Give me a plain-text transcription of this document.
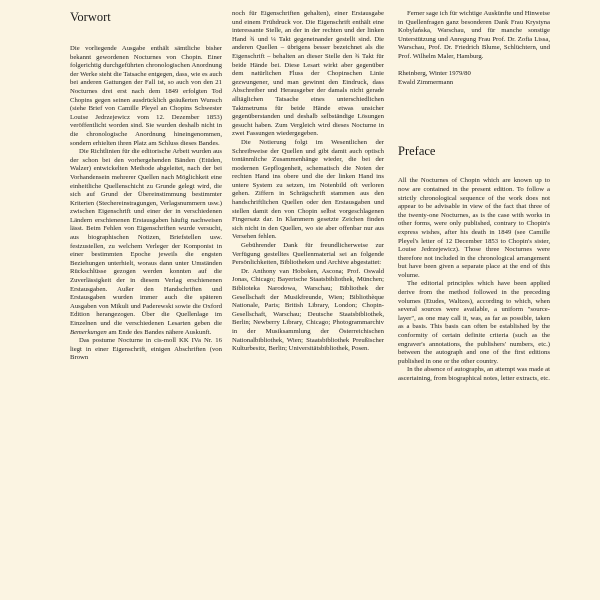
Vorwort

Die vorliegende Ausgabe enthält sämtliche bisher bekannt gewordenen Nocturnes von Chopin. Einer folgerichtig durchgeführten chronologischen Anordnung der Werke steht die Tatsache entgegen, dass, wie es auch bei anderen Gattungen der Fall ist, so auch von den 21 Nocturnes drei erst nach dem 1849 erfolgten Tod Chopins gegen seinen ausdrücklich geäußerten Wunsch (siehe Brief von Camille Pleyel an Chopins Schwester Louise Jedrzejewicz vom 12. Dezember 1853) veröffentlicht worden sind. Sie wurden deshalb nicht in die chronologische Anordnung hineingenommen, sondern erhielten ihren Platz am Schluss dieses Bandes.

Die Richtlinien für die editorische Arbeit wurden aus der schon bei den vorhergehenden Bänden (Etüden, Walzer) entwickelten Methode abgeleitet, nach der bei Vorhandensein mehrerer Quellen nach Möglichkeit eine einheitliche Quellenschicht zu Grunde gelegt wird, die sich auf Grund der Übereinstimmung bestimmter Kriterien (Stechereinstragungen, Verlagsnummern usw.) zwischen Eigenschrift und einer der in verschiedenen Ländern erschienenen Erstausgaben häufig nachweisen lässt. Beim Fehlen von Eigenschriften wurde versucht, aus biographischen Notizen, Briefstellen usw. festzustellen, zu welchem Verleger der Komponist in einer bestimmten Epoche jeweils die engsten Beziehungen unterhielt, woraus dann unter Umständen Rückschlüsse gezogen werden konnten auf die Zuverlässigkeit der in diesem Verlag erschienenen Erstausgaben. Außer den Handschriften und Erstausgaben wurden immer auch die späteren Ausgaben von Mikuli und Paderewski sowie die Oxford Edition herangezogen. Über die Quellenlage im Einzelnen und die verschiedenen Lesarten geben die Bemerkungen am Ende des Bandes nähere Auskunft.

Das postume Nocturne in cis-moll KK IVa Nr. 16 liegt in einer Eigenschrift, einigen Abschriften (von Brown

noch für Eigenschriften gehalten), einer Erstausgabe und einem Frühdruck vor. Die Eigenschrift enthält eine interessante Stelle, an der in der rechten und der linken Hand ¾ und ¼ Takt gegeneinander gestellt sind. Die anderen Quellen – übrigens besser bezeichnet als die Eigenschrift – behalten an dieser Stelle den ¾ Takt für beide Hände bei. Diese Lesart wirkt aber gegenüber dem natürlichen Fluss der Chopinschen Linie gezwungener, und man gewinnt den Eindruck, dass Abschreiber und Herausgeber der damals nicht gerade alltäglichen Tatsache eines unterschiedlichen Taktmetrums für beide Hände etwas unsicher gegenüberstanden und deshalb selbständige Lösungen gesucht haben. Zum Vergleich wird dieses Nocturne in zwei Fassungen wiedergegeben.

Die Notierung folgt im Wesentlichen der Schreibweise der Quellen und gibt damit auch optisch tontänmliche Zusammenhänge wieder, die bei der modernen Gepflogenheit, schematisch die Noten der rechten Hand ins obere und die der linken Hand ins untere System zu setzen, im Notenbild oft verloren gehen. Ziffern in Schrägschrift stammen aus den handschriftlichen Quellen oder den Erstausgaben und stellen damit den von Chopin selbst vorgeschlagenen Fingersatz dar. In Klammern gesetzte Zeichen finden sich nicht in den Quellen, wo sie aber offenbar nur aus Versehen fehlen.

Gebührender Dank für freundlicherweise zur Verfügung gestelltes Quellenmaterial sei an folgende Persönlichkeiten, Bibliotheken und Archive abgestattet:

Dr. Anthony van Hoboken, Ascona; Prof. Oswald Jonas, Chicago; Bayerische Staatsbibliothek, München; Biblioteka Narodowa, Warschau; Bibliothek der Gesellschaft der Musikfreunde, Wien; Bibliothèque Nationale, Paris; British Library, London; Chopin-Gesellschaft, Warschau; Deutsche Staatsbibliothek, Berlin; Newberry Library, Chicago; Photogrammarchiv in der Musiksammlung der Österreichischen Nationalbibliothek, Wien; Staatsbibliothek Preußischer Kulturbesitz, Berlin; Universitätsbibliothek, Posen.

Ferner sage ich für wichtige Auskünfte und Hinweise in Quellenfragen ganz besonderen Dank Frau Krystyna Kobylańska, Warschau, und für manche sonstige Unterstützung und Anregung Frau Prof. Dr. Zofia Lissa, Warschau, Prof. Dr. Friedrich Blume, Schlüchtern, und Prof. Wilhelm Maler, Hamburg.

Rheinberg, Winter 1979/80

Ewald Zimmermann

Preface

All the Nocturnes of Chopin which are known up to now are contained in the present edition. To follow a strictly chronological sequence of the work does not appear to be advisable in view of the fact that three of the twenty-one Nocturnes, as is the case with works in other forms, were only published, contrary to Chopin's express wishes, after his death in 1849 (see Camille Pleyel's letter of 12 December 1853 to Chopin's sister, Louise Jedrzejewicz). Those three Nocturnes were therefore not included in the chronological arrangement but have been given a separate place at the end of this volume.

The editorial principles which have been applied derive from the method followed in the preceding volumes (Etudes, Waltzes), according to which, when several sources were available, a uniform "source-layer", as one may call it, was, as far as possible, taken as a basis. This basis can often be established by the conformity of certain definite criteria (such as the engraver's annotations, the publishers' numbers, etc.) between the autograph and one of the first editions published in one or the other country.

In the absence of autographs, an attempt was made at ascertaining, from biographical notes, letter extracts, etc.
